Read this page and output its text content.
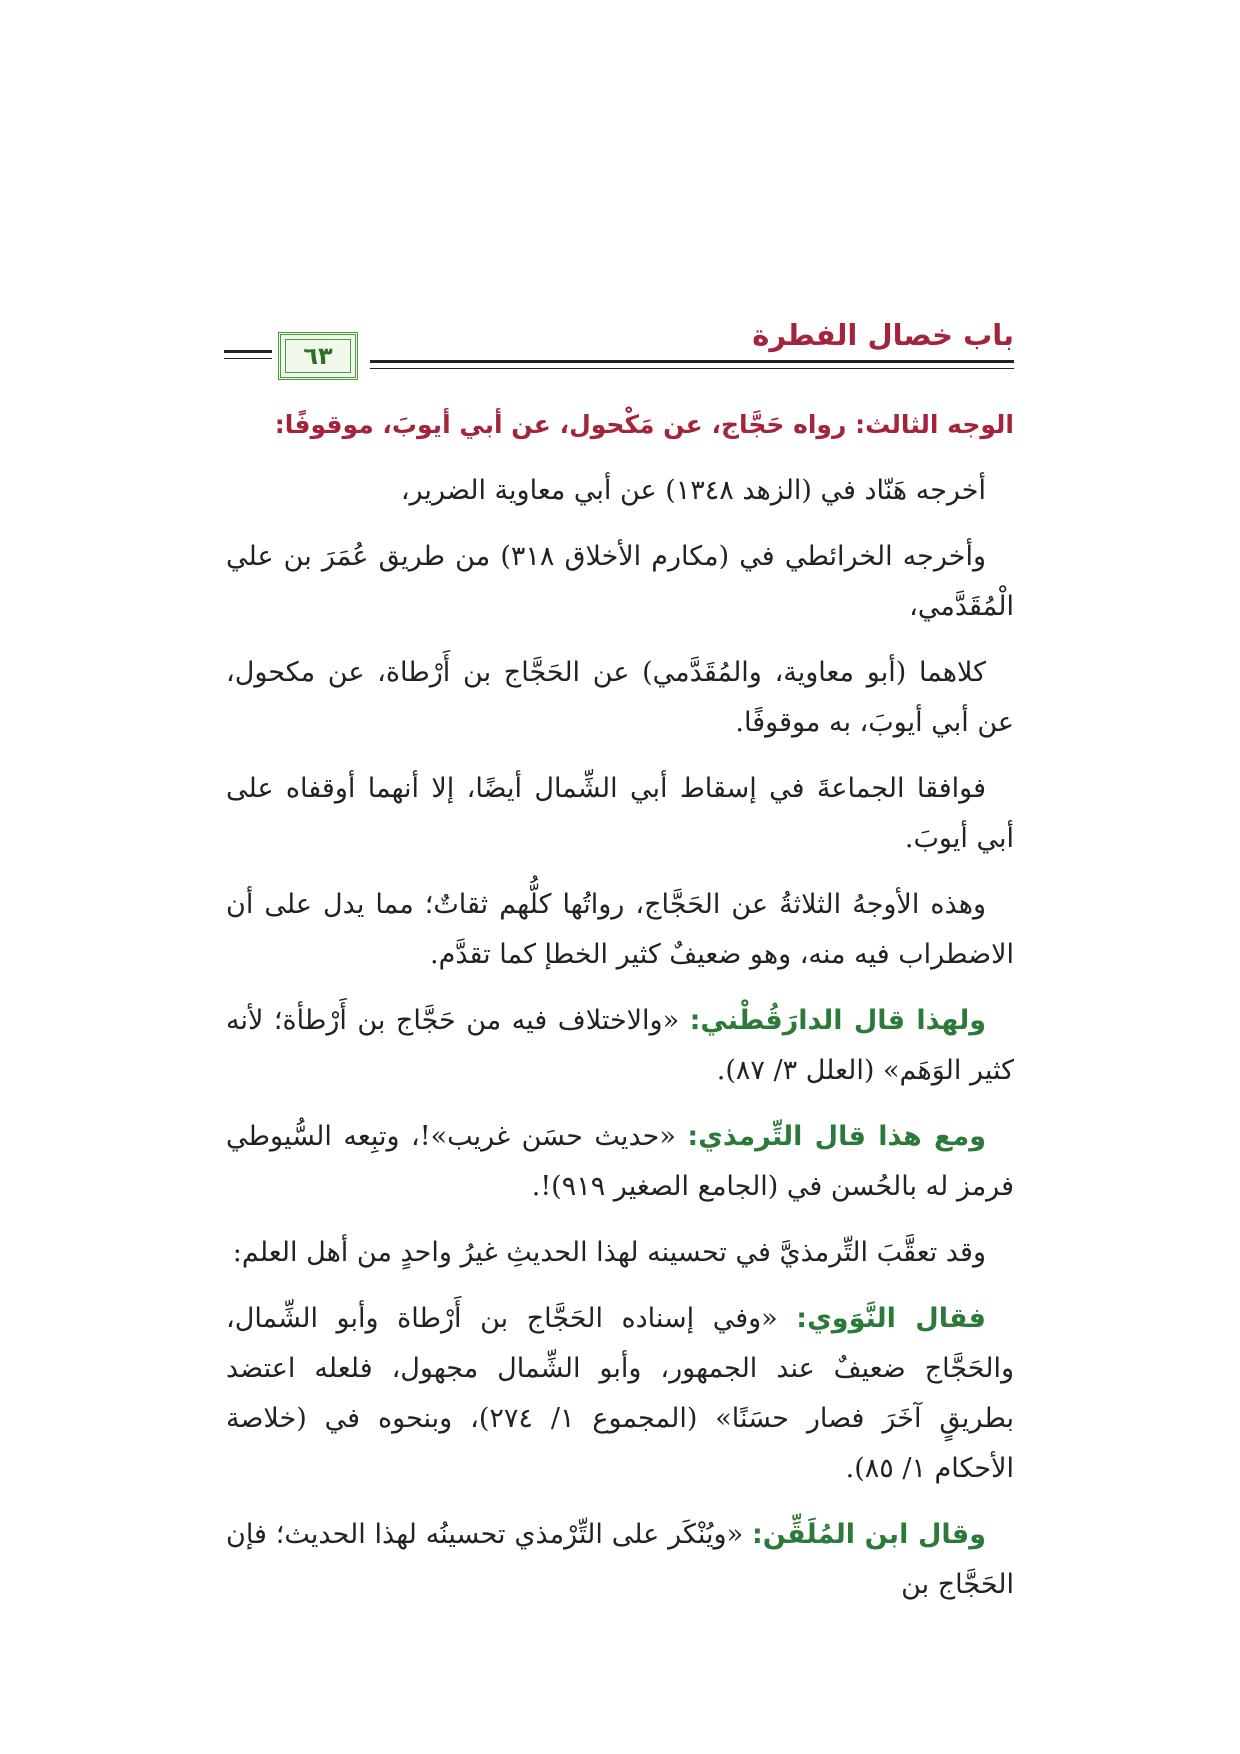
باب خصال الفطرة
٦٣

الوجه الثالث: رواه حَجَّاج، عن مَكْحول، عن أبي أيوبَ، موقوفًا:

أخرجه هَنّاد في (الزهد ١٣٤٨) عن أبي معاوية الضرير،

وأخرجه الخرائطي في (مكارم الأخلاق ٣١٨) من طريق عُمَرَ بن علي الْمُقَدَّمي،

كلاهما (أبو معاوية، والمُقَدَّمي) عن الحَجَّاج بن أَرْطاة، عن مكحول، عن أبي أيوبَ، به موقوفًا.

فوافقا الجماعةَ في إسقاط أبي الشِّمال أيضًا، إلا أنهما أوقفاه على أبي أيوبَ.

وهذه الأوجهُ الثلاثةُ عن الحَجَّاج، رواتُها كلُّهم ثقاتٌ؛ مما يدل على أن الاضطراب فيه منه، وهو ضعيفٌ كثير الخطإ كما تقدَّم.

ولهذا قال الدارَقُطْني: «والاختلاف فيه من حَجَّاج بن أَرْطأة؛ لأنه كثير الوَهَم» (العلل ٣/ ٨٧).

ومع هذا قال التِّرمذي: «حديث حسَن غريب»!، وتبِعه السُّيوطي فرمز له بالحُسن في (الجامع الصغير ٩١٩)!.

وقد تعقَّبَ التِّرمذيَّ في تحسينه لهذا الحديثِ غيرُ واحدٍ من أهل العلم:

فقال النَّوَوي: «وفي إسناده الحَجَّاج بن أَرْطاة وأبو الشِّمال، والحَجَّاج ضعيفٌ عند الجمهور، وأبو الشِّمال مجهول، فلعله اعتضد بطريقٍ آخَرَ فصار حسَنًا» (المجموع ١/ ٢٧٤)، وبنحوه في (خلاصة الأحكام ١/ ٨٥).

وقال ابن المُلَقِّن: «ويُنْكَر على التِّرْمذي تحسينُه لهذا الحديث؛ فإن الحَجَّاج بن
